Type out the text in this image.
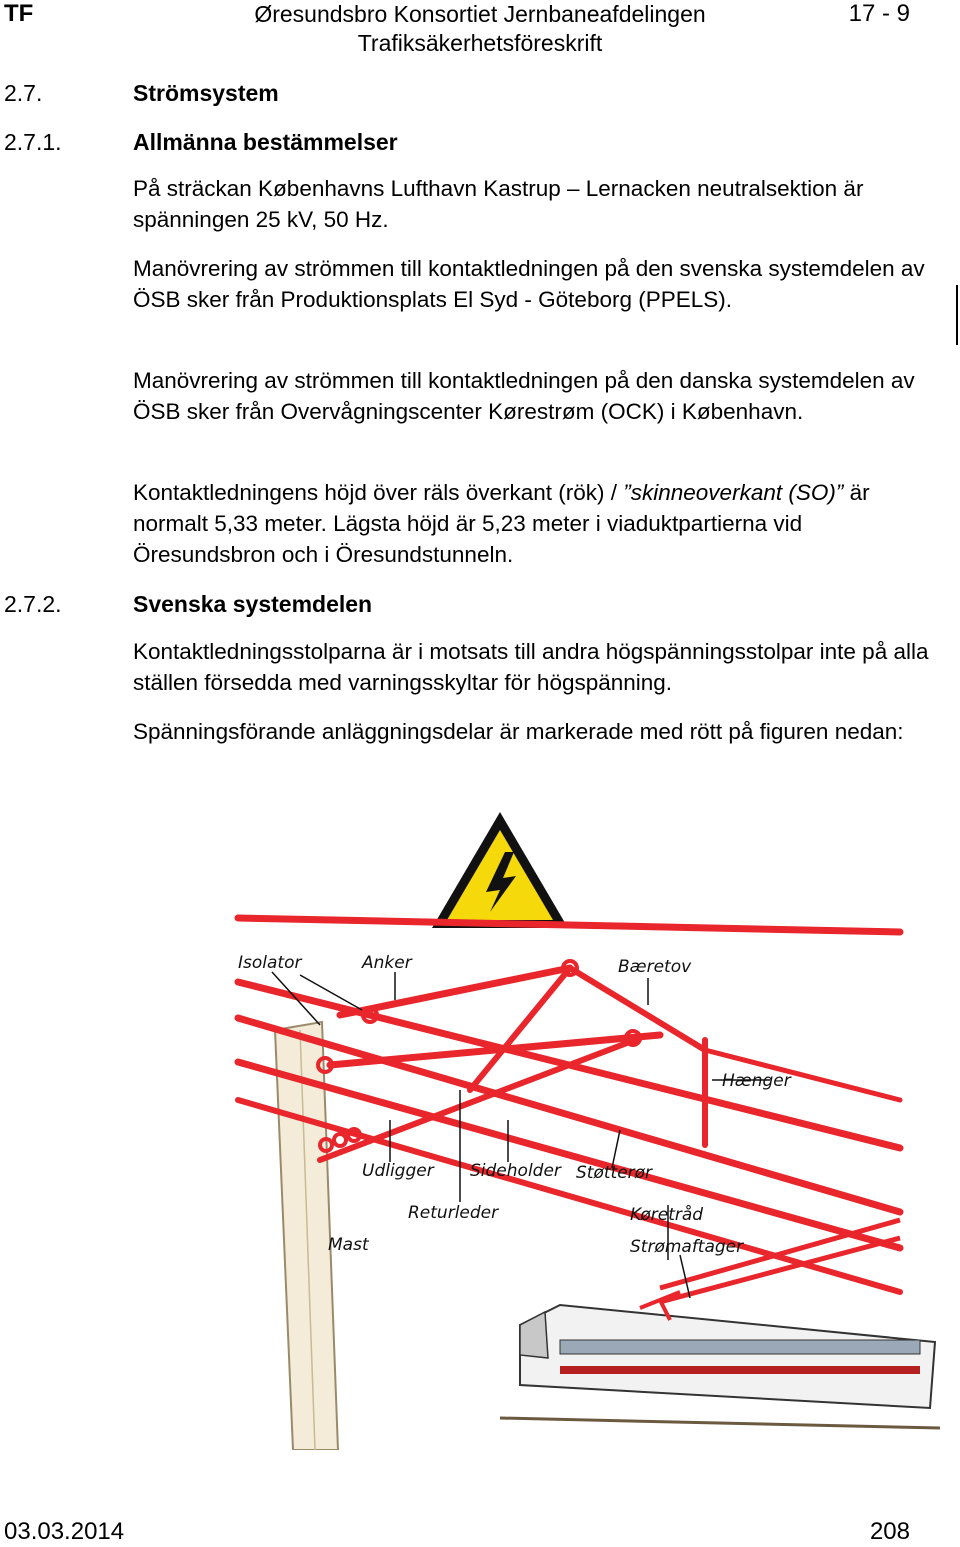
TF	Øresundsbro Konsortiet Jernbaneafdelingen
Trafiksäkerhetsföreskrift
17 - 9
2.7.	Strömsystem
2.7.1.	Allmänna bestämmelser
På sträckan Københavns Lufthavn Kastrup – Lernacken neutralsektion är spänningen 25 kV, 50 Hz.
Manövrering av strömmen till kontaktledningen på den svenska systemdelen av ÖSB sker från Produktionsplats El Syd - Göteborg (PPELS).
Manövrering av strömmen till kontaktledningen på den danska systemdelen av ÖSB sker från Overvågningscenter Kørestrøm (OCK) i København.
Kontaktledningens höjd över räls överkant (rök) / ”skinneoverkant (SO)” är normalt 5,33 meter. Lägsta höjd är 5,23 meter i viaduktpartierna vid Öresundsbron och i Öresundstunneln.
2.7.2.	Svenska systemdelen
Kontaktledningsstolparna är i motsats till andra högspänningsstolpar inte på alla ställen försedda med varningsskyltar för högspänning.
Spänningsförande anläggningsdelar är markerade med rött på figuren nedan:
Isolator	Anker	Bæretov
Hænger
Udligger Sideholder Støtterør
Returleder	Køretråd
Mast	Strømaftager
03.03.2014	208
